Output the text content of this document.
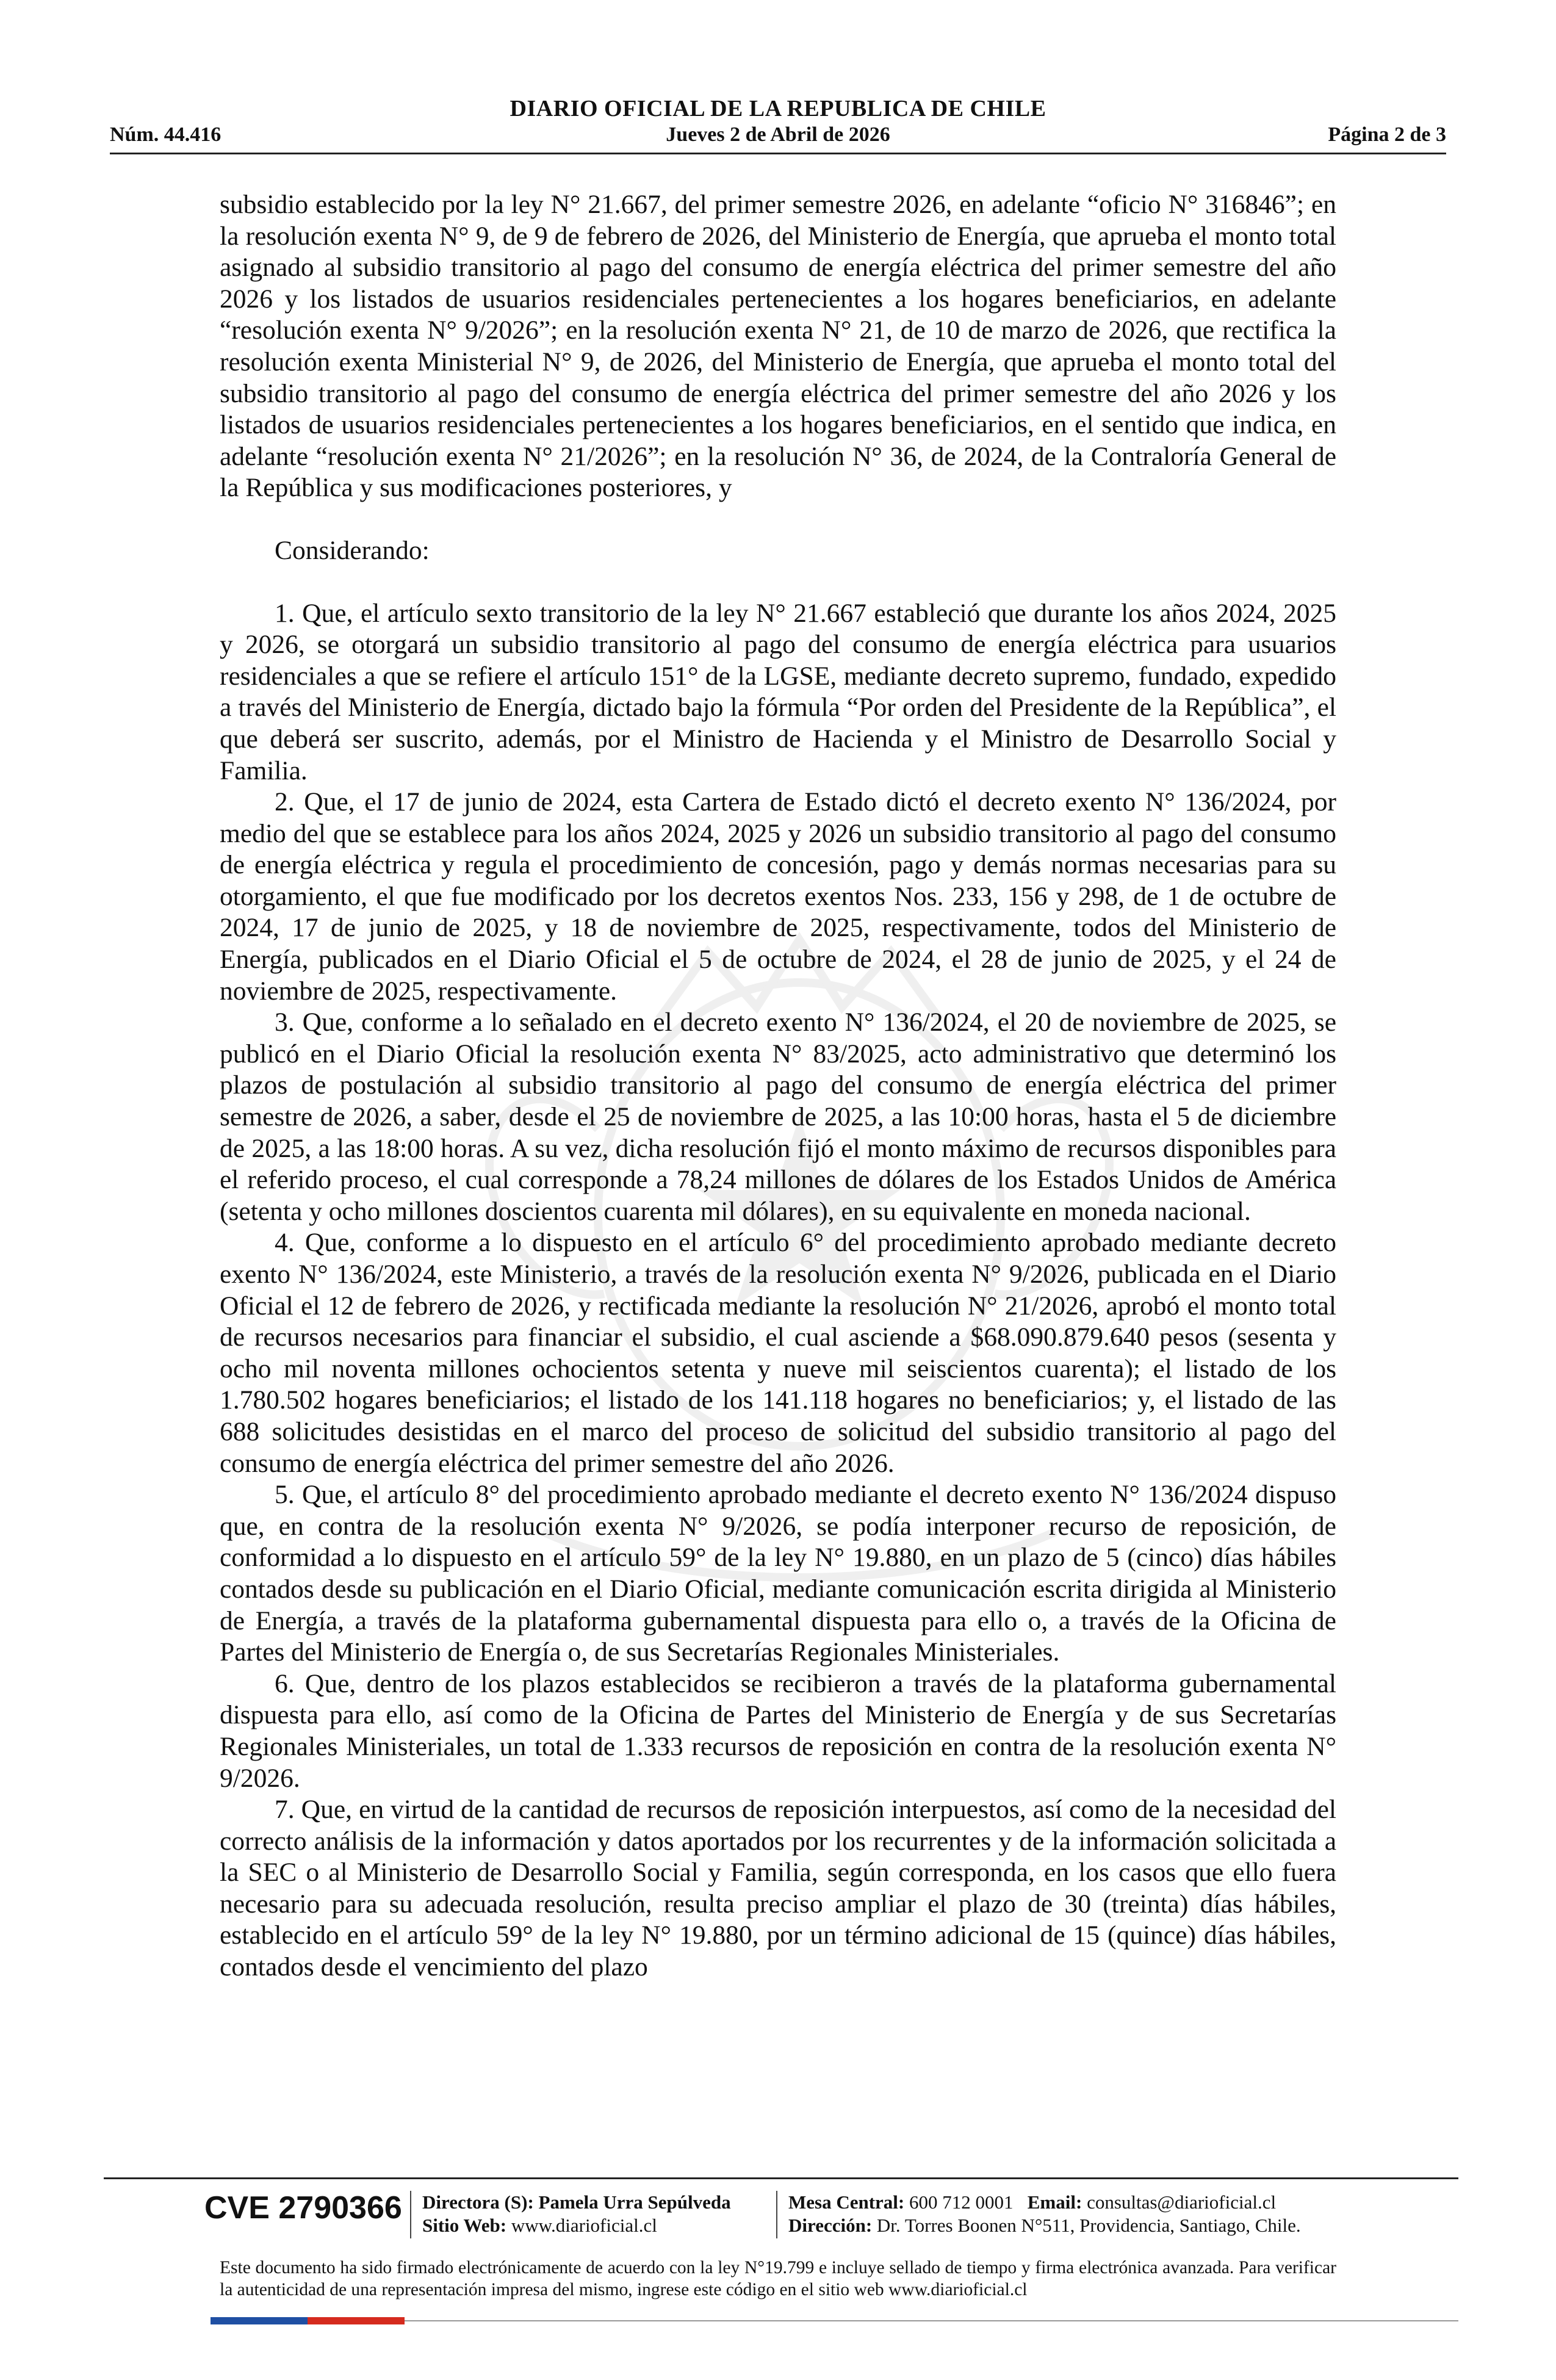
DIARIO OFICIAL DE LA REPUBLICA DE CHILE
Núm. 44.416	Jueves 2 de Abril de 2026	Página 2 de 3

subsidio establecido por la ley N° 21.667, del primer semestre 2026, en adelante “oficio N° 316846”; en la resolución exenta N° 9, de 9 de febrero de 2026, del Ministerio de Energía, que aprueba el monto total asignado al subsidio transitorio al pago del consumo de energía eléctrica del primer semestre del año 2026 y los listados de usuarios residenciales pertenecientes a los hogares beneficiarios, en adelante “resolución exenta N° 9/2026”; en la resolución exenta N° 21, de 10 de marzo de 2026, que rectifica la resolución exenta Ministerial N° 9, de 2026, del Ministerio de Energía, que aprueba el monto total del subsidio transitorio al pago del consumo de energía eléctrica del primer semestre del año 2026 y los listados de usuarios residenciales pertenecientes a los hogares beneficiarios, en el sentido que indica, en adelante “resolución exenta N° 21/2026”; en la resolución N° 36, de 2024, de la Contraloría General de la República y sus modificaciones posteriores, y

Considerando:

1. Que, el artículo sexto transitorio de la ley N° 21.667 estableció que durante los años 2024, 2025 y 2026, se otorgará un subsidio transitorio al pago del consumo de energía eléctrica para usuarios residenciales a que se refiere el artículo 151° de la LGSE, mediante decreto supremo, fundado, expedido a través del Ministerio de Energía, dictado bajo la fórmula “Por orden del Presidente de la República”, el que deberá ser suscrito, además, por el Ministro de Hacienda y el Ministro de Desarrollo Social y Familia.

2. Que, el 17 de junio de 2024, esta Cartera de Estado dictó el decreto exento N° 136/2024, por medio del que se establece para los años 2024, 2025 y 2026 un subsidio transitorio al pago del consumo de energía eléctrica y regula el procedimiento de concesión, pago y demás normas necesarias para su otorgamiento, el que fue modificado por los decretos exentos Nos. 233, 156 y 298, de 1 de octubre de 2024, 17 de junio de 2025, y 18 de noviembre de 2025, respectivamente, todos del Ministerio de Energía, publicados en el Diario Oficial el 5 de octubre de 2024, el 28 de junio de 2025, y el 24 de noviembre de 2025, respectivamente.

3. Que, conforme a lo señalado en el decreto exento N° 136/2024, el 20 de noviembre de 2025, se publicó en el Diario Oficial la resolución exenta N° 83/2025, acto administrativo que determinó los plazos de postulación al subsidio transitorio al pago del consumo de energía eléctrica del primer semestre de 2026, a saber, desde el 25 de noviembre de 2025, a las 10:00 horas, hasta el 5 de diciembre de 2025, a las 18:00 horas. A su vez, dicha resolución fijó el monto máximo de recursos disponibles para el referido proceso, el cual corresponde a 78,24 millones de dólares de los Estados Unidos de América (setenta y ocho millones doscientos cuarenta mil dólares), en su equivalente en moneda nacional.

4. Que, conforme a lo dispuesto en el artículo 6° del procedimiento aprobado mediante decreto exento N° 136/2024, este Ministerio, a través de la resolución exenta N° 9/2026, publicada en el Diario Oficial el 12 de febrero de 2026, y rectificada mediante la resolución N° 21/2026, aprobó el monto total de recursos necesarios para financiar el subsidio, el cual asciende a $68.090.879.640 pesos (sesenta y ocho mil noventa millones ochocientos setenta y nueve mil seiscientos cuarenta); el listado de los 1.780.502 hogares beneficiarios; el listado de los 141.118 hogares no beneficiarios; y, el listado de las 688 solicitudes desistidas en el marco del proceso de solicitud del subsidio transitorio al pago del consumo de energía eléctrica del primer semestre del año 2026.

5. Que, el artículo 8° del procedimiento aprobado mediante el decreto exento N° 136/2024 dispuso que, en contra de la resolución exenta N° 9/2026, se podía interponer recurso de reposición, de conformidad a lo dispuesto en el artículo 59° de la ley N° 19.880, en un plazo de 5 (cinco) días hábiles contados desde su publicación en el Diario Oficial, mediante comunicación escrita dirigida al Ministerio de Energía, a través de la plataforma gubernamental dispuesta para ello o, a través de la Oficina de Partes del Ministerio de Energía o, de sus Secretarías Regionales Ministeriales.

6. Que, dentro de los plazos establecidos se recibieron a través de la plataforma gubernamental dispuesta para ello, así como de la Oficina de Partes del Ministerio de Energía y de sus Secretarías Regionales Ministeriales, un total de 1.333 recursos de reposición en contra de la resolución exenta N° 9/2026.

7. Que, en virtud de la cantidad de recursos de reposición interpuestos, así como de la necesidad del correcto análisis de la información y datos aportados por los recurrentes y de la información solicitada a la SEC o al Ministerio de Desarrollo Social y Familia, según corresponda, en los casos que ello fuera necesario para su adecuada resolución, resulta preciso ampliar el plazo de 30 (treinta) días hábiles, establecido en el artículo 59° de la ley N° 19.880, por un término adicional de 15 (quince) días hábiles, contados desde el vencimiento del plazo

CVE 2790366 Directora (S): Pamela Urra Sepúlveda
Sitio Web: www.diarioficial.cl
Mesa Central: 600 712 0001 Email: consultas@diarioficial.cl
Dirección: Dr. Torres Boonen N°511, Providencia, Santiago, Chile.
Este documento ha sido firmado electrónicamente de acuerdo con la ley N°19.799 e incluye sellado de tiempo y firma electrónica avanzada. Para verificar la autenticidad de una representación impresa del mismo, ingrese este código en el sitio web www.diarioficial.cl
